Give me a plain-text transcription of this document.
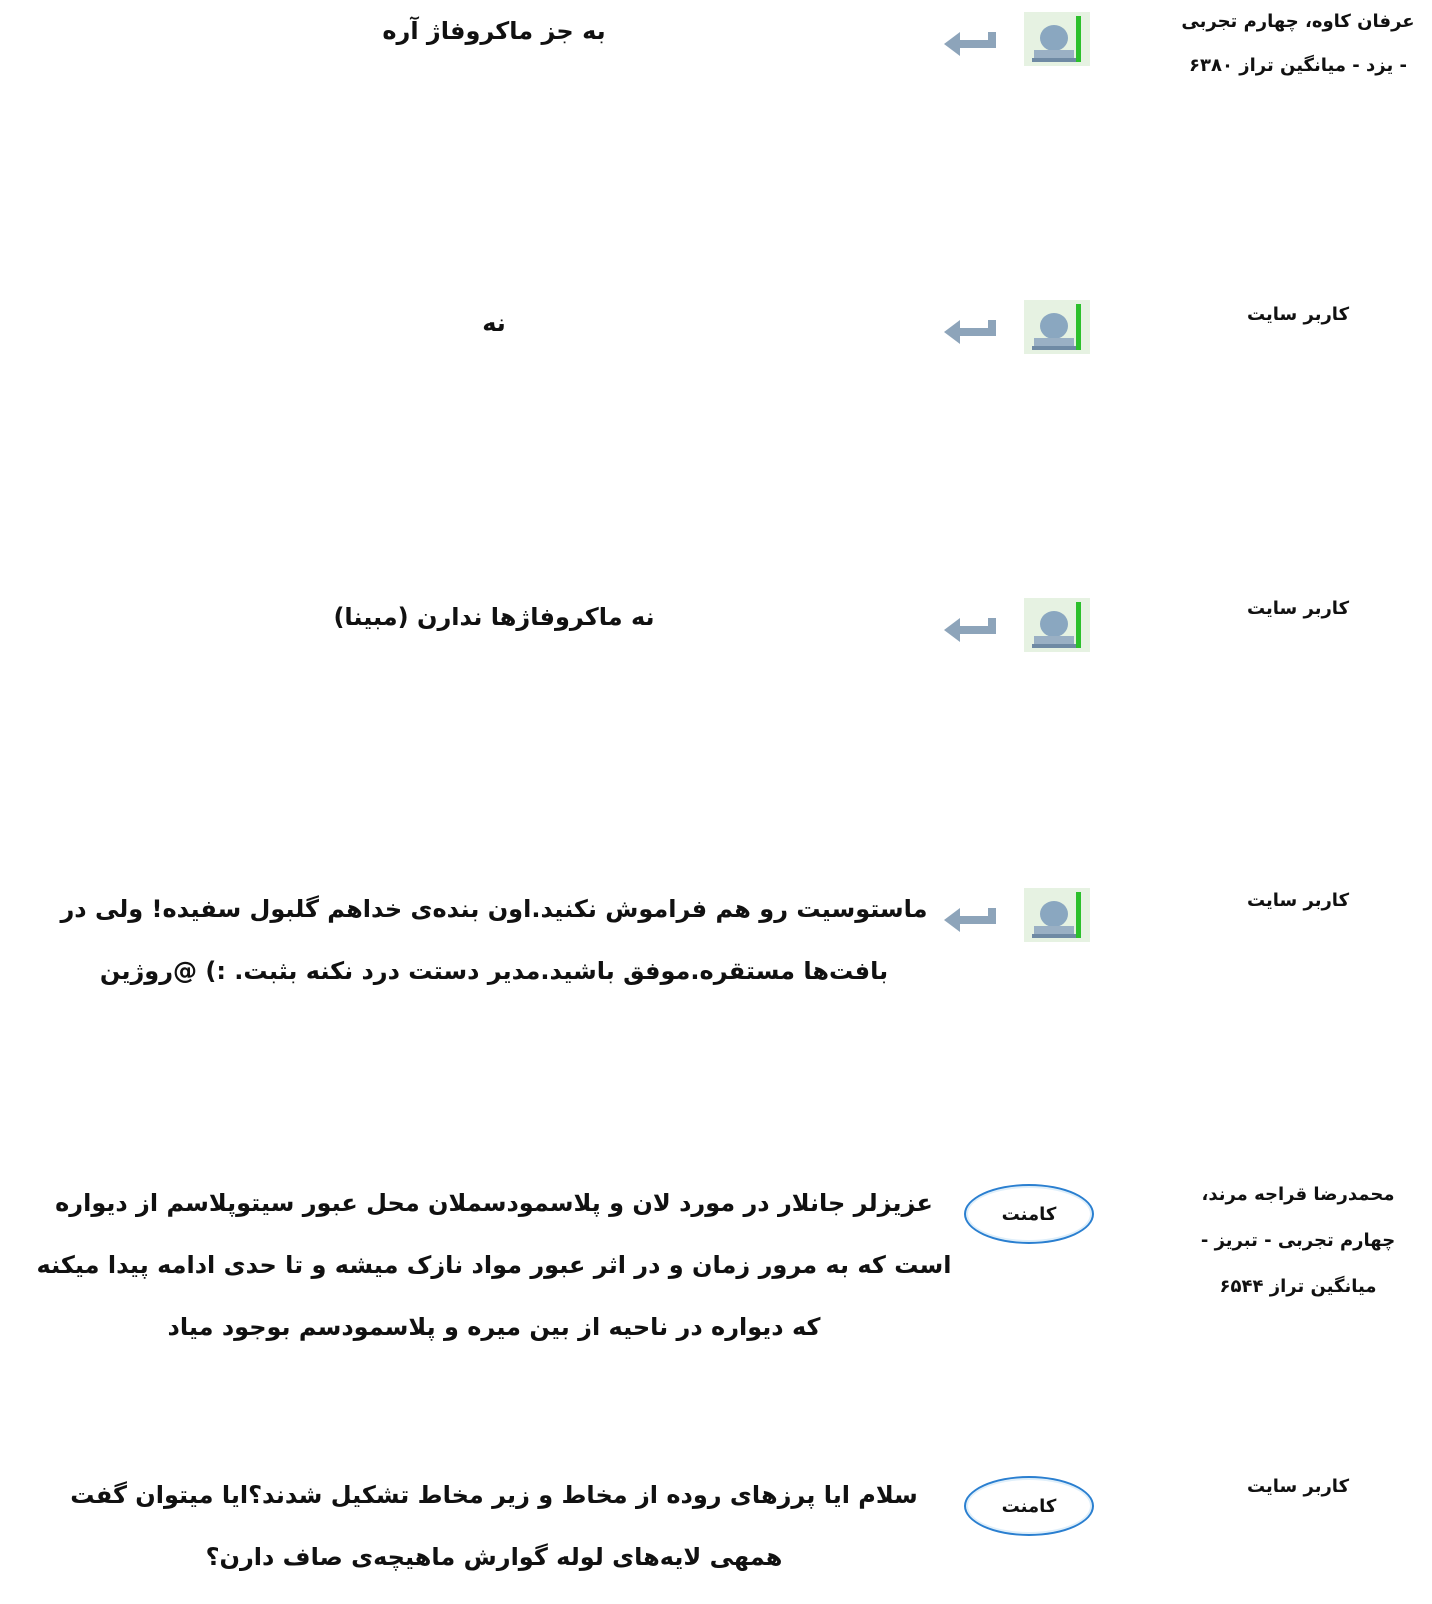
عرفان کاوه، چهارم تجربی - یزد - میانگین تراز ۶۳۸۰
به جز ماکروفاژ آره
کاربر سایت
نه
کاربر سایت
نه ماکروفاژها ندارن (مبینا)
کاربر سایت
ماستوسیت رو هم فراموش نکنید.اون بنده‌ی خداهم گلبول سفیده! ولی در بافت‌ها مستقره.موفق باشید.مدیر دستت درد نکنه بثبت. :) @روژین
محمدرضا قراجه مرند، چهارم تجربی - تبریز - میانگین تراز ۶۵۴۴
کامنت
عزیزلر جانلار در مورد لان و پلاسمودسملان محل عبور سیتوپلاسم از دیواره است که به مرور زمان و در اثر عبور مواد نازک میشه و تا حدی ادامه پیدا میکنه که دیواره در ناحیه از بین میره و پلاسمودسم بوجود میاد
کاربر سایت
کامنت
سلام ایا پرزهای روده از مخاط و زیر مخاط تشکیل شدند؟ایا میتوان گفت همهی لایه‌های لوله گوارش ماهیچه‌ی صاف دارن؟
